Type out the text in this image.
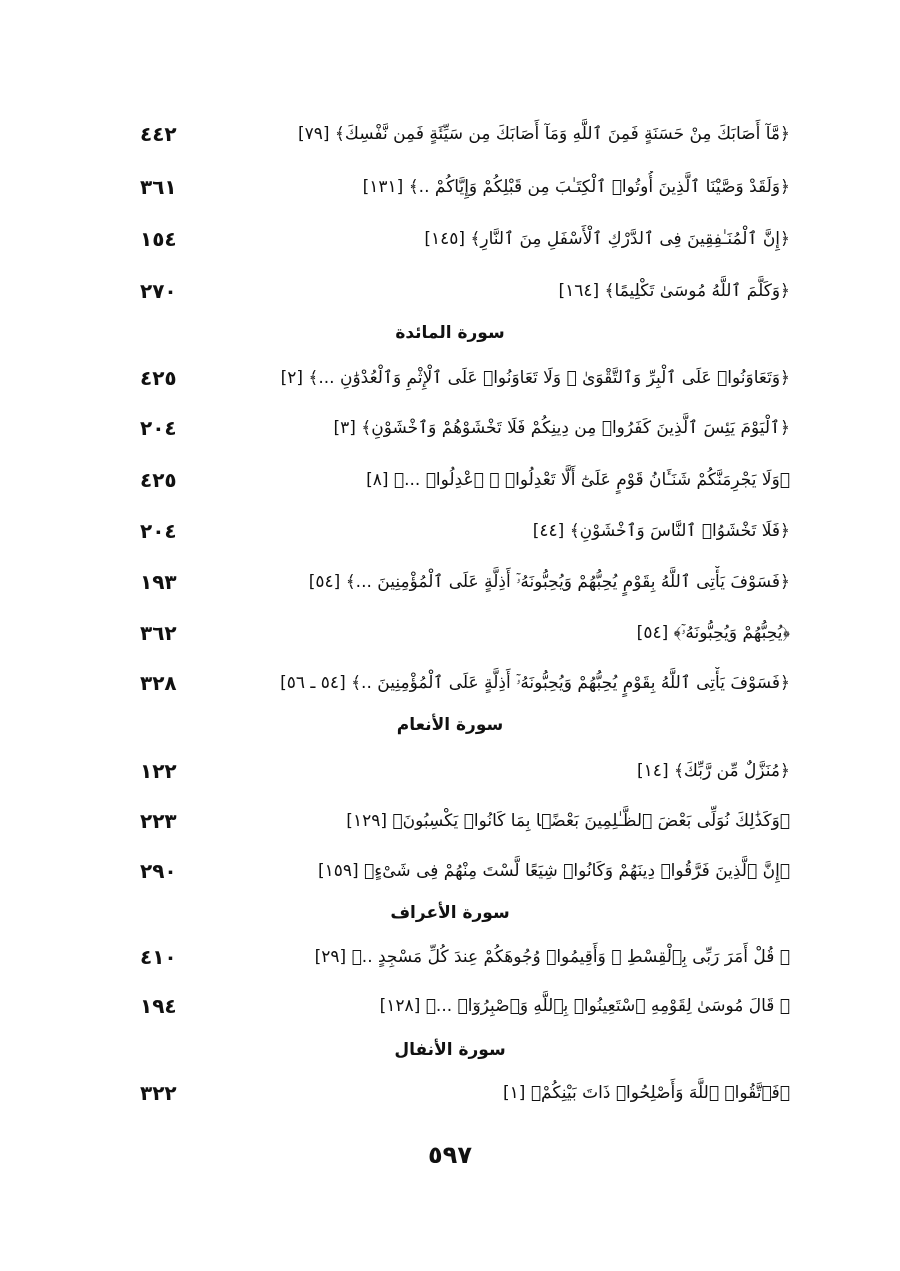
٤٤٢	﴿مَّآ أَصَابَكَ مِنْ حَسَنَةٍ فَمِنَ ٱللَّهِ وَمَآ أَصَابَكَ مِن سَيِّئَةٍ فَمِن نَّفْسِكَ﴾ [٧٩]
٣٦١	﴿وَلَقَدْ وَصَّيْنَا ٱلَّذِينَ أُوتُوا۟ ٱلْكِتَـٰبَ مِن قَبْلِكُمْ وَإِيَّاكُمْ ..﴾ [١٣١]
١٥٤	﴿إِنَّ ٱلْمُنَـٰفِقِينَ فِى ٱلدَّرْكِ ٱلْأَسْفَلِ مِنَ ٱلنَّارِ﴾ [١٤٥]
٢٧٠	﴿وَكَلَّمَ ٱللَّهُ مُوسَىٰ تَكْلِيمًا﴾ [١٦٤]
سورة المائدة
٤٢٥	﴿وَتَعَاوَنُوا۟ عَلَى ٱلْبِرِّ وَٱلتَّقْوَىٰ ۖ وَلَا تَعَاوَنُوا۟ عَلَى ٱلْإِثْمِ وَٱلْعُدْوَٰنِ ...﴾ [٢]
٢٠٤	﴿ٱلْيَوْمَ يَئِسَ ٱلَّذِينَ كَفَرُوا۟ مِن دِينِكُمْ فَلَا تَخْشَوْهُمْ وَٱخْشَوْنِ﴾ [٣]
٤٢٥	﴿وَلَا يَجْرِمَنَّكُمْ شَنَـَٔانُ قَوْمٍ عَلَىٰٓ أَلَّا تَعْدِلُوا۟ ۚ ٱعْدِلُوا۟ ...﴾ [٨]
٢٠٤	﴿فَلَا تَخْشَوُا۟ ٱلنَّاسَ وَٱخْشَوْنِ﴾ [٤٤]
١٩٣	﴿فَسَوْفَ يَأْتِى ٱللَّهُ بِقَوْمٍ يُحِبُّهُمْ وَيُحِبُّونَهُۥٓ أَذِلَّةٍ عَلَى ٱلْمُؤْمِنِينَ ...﴾ [٥٤]
٣٦٢	﴿يُحِبُّهُمْ وَيُحِبُّونَهُۥٓ﴾ [٥٤]
٣٢٨	﴿فَسَوْفَ يَأْتِى ٱللَّهُ بِقَوْمٍ يُحِبُّهُمْ وَيُحِبُّونَهُۥٓ أَذِلَّةٍ عَلَى ٱلْمُؤْمِنِينَ ..﴾ [٥٤ ـ ٥٦]
سورة الأنعام
١٢٢	﴿مُنَزَّلٌ مِّن رَّبِّكَ﴾ [١٤]
٢٢٣	﴿وَكَذَٰلِكَ نُوَلِّى بَعْضَ ٱلظَّـٰلِمِينَ بَعْضًۢا بِمَا كَانُوا۟ يَكْسِبُونَ﴾ [١٢٩]
٢٩٠	﴿إِنَّ ٱلَّذِينَ فَرَّقُوا۟ دِينَهُمْ وَكَانُوا۟ شِيَعًا لَّسْتَ مِنْهُمْ فِى شَىْءٍ﴾ [١٥٩]
سورة الأعراف
٤١٠	﴿ قُلْ أَمَرَ رَبِّى بِٱلْقِسْطِ ۖ وَأَقِيمُوا۟ وُجُوهَكُمْ عِندَ كُلِّ مَسْجِدٍ ..﴾ [٢٩]
١٩٤	﴿ قَالَ مُوسَىٰ لِقَوْمِهِ ٱسْتَعِينُوا۟ بِٱللَّهِ وَٱصْبِرُوٓا۟ ...﴾ [١٢٨]
سورة الأنفال
٣٢٢	﴿فَٱتَّقُوا۟ ٱللَّهَ وَأَصْلِحُوا۟ ذَاتَ بَيْنِكُمْ﴾ [١]
٥٩٧
